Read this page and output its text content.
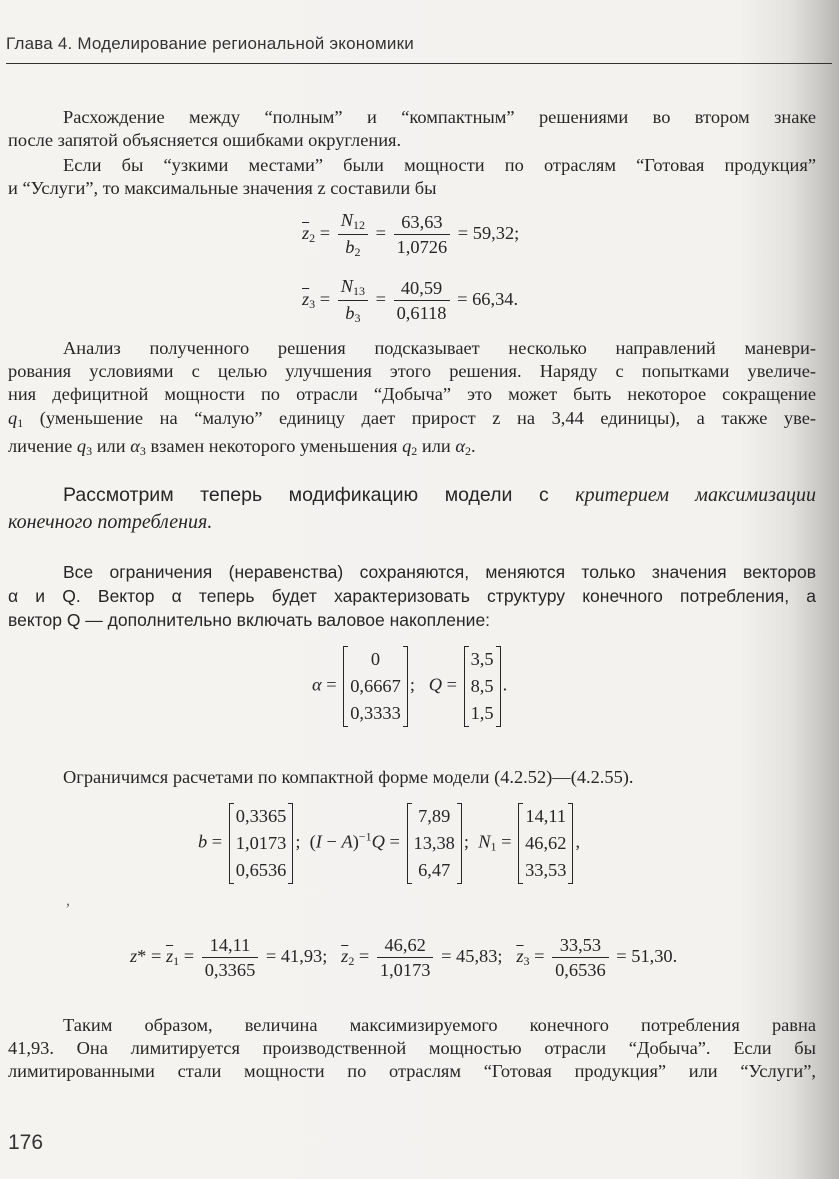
Глава 4. Моделирование региональной экономики
Расхождение между “полным” и “компактным” решениями во втором знаке
после запятой объясняется ошибками округления.
Если бы “узкими местами” были мощности по отраслям “Готовая продукция”
и “Услуги”, то максимальные значения z составили бы
$\overline{z}_2 = \frac{N_{12}}{b_2} = \frac{63,63}{1,0726} = 59,32$;
$\overline{z}_3 = \frac{N_{13}}{b_3} = \frac{40,59}{0,6118} = 66,34$.
Анализ полученного решения подсказывает несколько направлений маневри-
рования условиями с целью улучшения этого решения. Наряду с попытками увеличе-
ния дефицитной мощности по отрасли “Добыча” это может быть некоторое сокращение
$q_1$ (уменьшение на “малую” единицу дает прирост z на 3,44 единицы), а также уве-
личение $q_3$ или $\alpha_3$ взамен некоторого уменьшения $q_2$ или $\alpha_2$.
Рассмотрим теперь модификацию модели с критерием максимизации
конечного потребления.
Все ограничения (неравенства) сохраняются, меняются только значения векторов
α и Q. Вектор α теперь будет характеризовать структуру конечного потребления, а
вектор Q — дополнительно включать валовое накопление:
α =
0
0,6667
0,3333
;   Q =
3,5
8,5
1,5
.
Ограничимся расчетами по компактной форме модели (4.2.52)—(4.2.55).
b =
0,3365
1,0173
0,6536
;  $(I - A)^{-1}Q$ =
7,89
13,38
6,47
;  $N_1$ =
14,11
46,62
33,53
,
,
$z* = \overline{z}_1 = \frac{14,11}{0,3365} = 41,93$; $\overline{z}_2 = \frac{46,62}{1,0173} = 45,83$; $\overline{z}_3 = \frac{33,53}{0,6536} = 51,30$.
Таким образом, величина максимизируемого конечного потребления равна
41,93. Она лимитируется производственной мощностью отрасли “Добыча”. Если бы
лимитированными стали мощности по отраслям “Готовая продукция” или “Услуги”,
176
